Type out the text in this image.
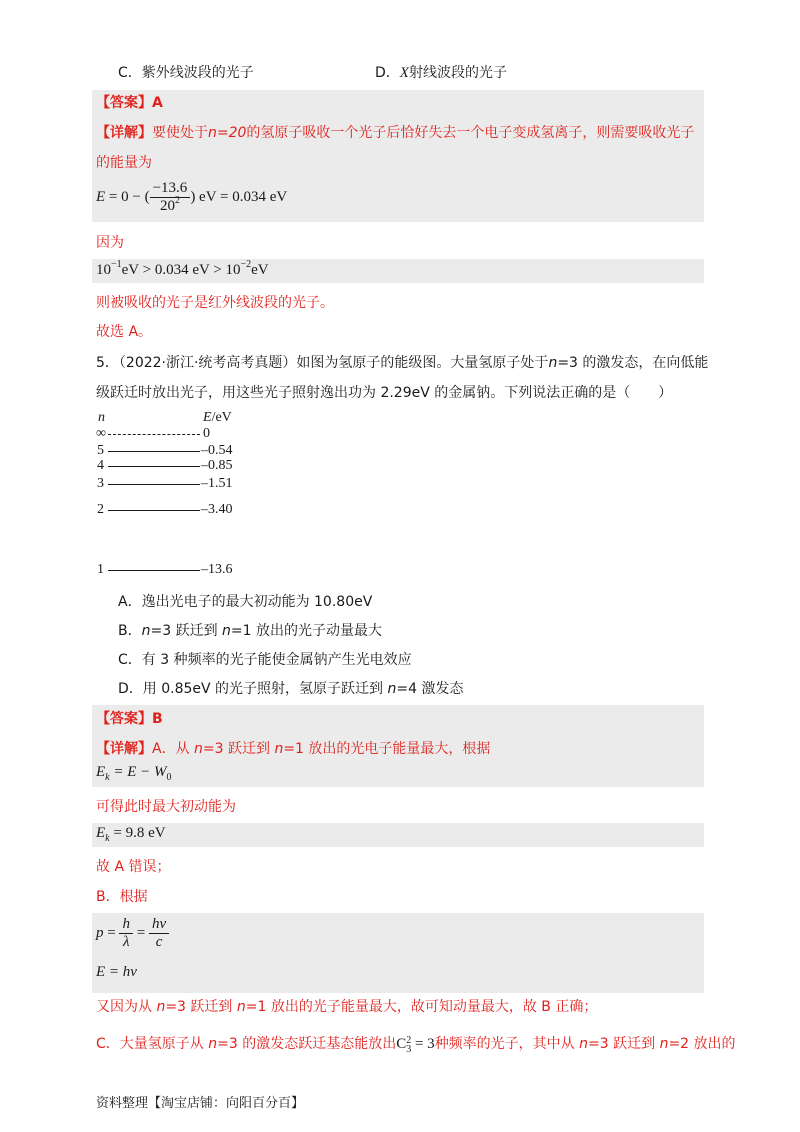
C．紫外线波段的光子	D．X射线波段的光子
【答案】A
【详解】要使处于n=20的氢原子吸收一个光子后恰好失去一个电子变成氢离子，则需要吸收光子
的能量为
E = 0 − ( $\frac{-13.6}{20^2}$ ) eV = 0.034 eV
因为
$10^{-1}eV > 0.034$ eV > $10^{-2}eV$
则被吸收的光子是红外线波段的光子。
故选 A。
5．（2022·浙江·统考高考真题）如图为氢原子的能级图。大量氢原子处于n=3 的激发态，在向低能
级跃迁时放出光子，用这些光子照射逸出功为 2.29eV 的金属钠。下列说法正确的是（　　）
n	E/eV
∞	0
5	–0.54
4	–0.85
3	–1.51
2	–3.40
1	–13.6
A．逸出光电子的最大初动能为 10.80eV
B．n=3 跃迁到 n=1 放出的光子动量最大
C．有 3 种频率的光子能使金属钠产生光电效应
D．用 0.85eV 的光子照射，氢原子跃迁到 n=4 激发态
【答案】B
【详解】A．从 n=3 跃迁到 n=1 放出的光电子能量最大，根据
$E_k = E - W_0$
可得此时最大初动能为
$E_k = 9.8$ eV
故 A 错误；
B．根据
$p = \frac{h}{\lambda} = \frac{h\nu}{c}$
E = hν
又因为从 n=3 跃迁到 n=1 放出的光子能量最大，故可知动量最大，故 B 正确；
C．大量氢原子从 n=3 的激发态跃迁基态能放出C 2
3 = 3种频率的光子，其中从 n=3 跃迁到 n=2 放出的
资料整理【淘宝店铺：向阳百分百】
